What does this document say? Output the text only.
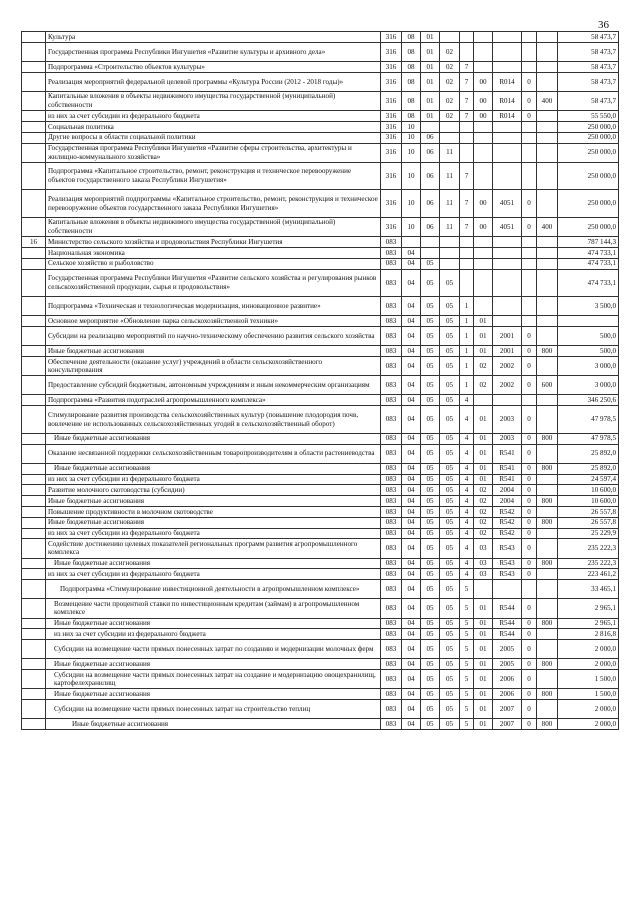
36
	Культура	316	08	01							58 473,7
	Государственная программа Республики Ингушетия «Развитие культуры и архивного дела»	316	08	01	02						58 473,7
	Подпрограмма «Строительство объектов культуры»	316	08	01	02	7					58 473,7
	Реализация мероприятий федеральной целевой программы «Культура России (2012 - 2018 годы)»	316	08	01	02	7	00	R014	0		58 473,7
	Капитальные вложения в объекты недвижимого имущества государственной (муниципальной) собственности	316	08	01	02	7	00	R014	0	400	58 473,7
	из них за счет субсидии из федерального бюджета	316	08	01	02	7	00	R014	0		55 550,0
	Социальная политика	316	10								250 000,0
	Другие вопросы в области социальной политики	316	10	06							250 000,0
	Государственная программа Республики Ингушетия «Развитие сферы строительства, архитектуры и жилищно-коммунального хозяйства»	316	10	06	11						250 000,0
	Подпрограмма «Капитальное строительство, ремонт, реконструкция и техническое перевооружение объектов государственного заказа Республики Ингушетия»	316	10	06	11	7					250 000,0
	Реализация мероприятий подпрограммы «Капитальное строительство, ремонт, реконструкция и техническое перевооружение объектов государственного заказа Республики Ингушетия»	316	10	06	11	7	00	4051	0		250 000,0
	Капитальные вложения в объекты недвижимого имущества государственной (муниципальной) собственности	316	10	06	11	7	00	4051	0	400	250 000,0
16	Министерство сельского хозяйства и продовольствия Республики Ингушетия	083									787 144,3
	Национальная экономика	083	04								474 733,1
	Сельское хозяйство и рыболовство	083	04	05							474 733,1
	Государственная программа Республики Ингушетия «Развитие сельского хозяйства и регулирования рынков сельскохозяйственной продукции, сырья и продовольствия»	083	04	05	05						474 733,1
	Подпрограмма «Техническая и технологическая модернизация, инновационное развитие»	083	04	05	05	1					3 500,0
	Основное мероприятие «Обновление парка сельскохозяйственной техники»	083	04	05	05	1	01				
	Субсидии на реализацию мероприятий по научно-техническому обеспечению развития сельского хозяйства	083	04	05	05	1	01	2001	0		500,0
	Иные бюджетные ассигнования	083	04	05	05	1	01	2001	0	800	500,0
	Обеспечение деятельности (оказание услуг) учреждений в области сельскохозяйственного консультирования	083	04	05	05	1	02	2002	0		3 000,0
	Предоставление субсидий бюджетным, автономным учреждениям и иным некоммерческим организациям	083	04	05	05	1	02	2002	0	600	3 000,0
	Подпрограмма «Развития подотраслей агропромышленного комплекса»	083	04	05	05	4					346 250,6
	Стимулирование развития производства сельскохозяйственных культур (повышение плодородия почв, вовлечение не использованных сельскохозяйственных угодий в сельскохозяйственный оборот)	083	04	05	05	4	01	2003	0		47 978,5
	Иные бюджетные ассигнования	083	04	05	05	4	01	2003	0	800	47 978,5
	Оказание несвязанной поддержки сельскохозяйственным товаропроизводителям в области растениеводства	083	04	05	05	4	01	R541	0		25 892,0
	Иные бюджетные ассигнования	083	04	05	05	4	01	R541	0	800	25 892,0
	из них за счет субсидии из федерального бюджета	083	04	05	05	4	01	R541	0		24 597,4
	Развитие молочного скотоводства (субсидии)	083	04	05	05	4	02	2004	0		10 600,0
	Иные бюджетные ассигнования	083	04	05	05	4	02	2004	0	800	10 600,0
	Повышение продуктивности в молочном скотоводстве	083	04	05	05	4	02	R542	0		26 557,8
	Иные бюджетные ассигнования	083	04	05	05	4	02	R542	0	800	26 557,8
	из них за счет субсидии из федерального бюджета	083	04	05	05	4	02	R542	0		25 229,9
	Содействие достижению целевых показателей региональных программ развития агропромышленного комплекса	083	04	05	05	4	03	R543	0		235 222,3
	Иные бюджетные ассигнования	083	04	05	05	4	03	R543	0	800	235 222,3
	из них за счет субсидии из федерального бюджета	083	04	05	05	4	03	R543	0		223 461,2
	Подпрограмма «Стимулирование инвестиционной деятельности в агропромышленном комплексе»	083	04	05	05	5					33 465,1
	Возмещение части процентной ставки по инвестиционным кредитам (займам) в агропромышленном комплексе	083	04	05	05	5	01	R544	0		2 965,1
	Иные бюджетные ассигнования	083	04	05	05	5	01	R544	0	800	2 965,1
	из них за счет субсидии из федерального бюджета	083	04	05	05	5	01	R544	0		2 816,8
	Субсидии на возмещение части прямых понесенных затрат по созданию и модернизации молочных ферм	083	04	05	05	5	01	2005	0		2 000,0
	Иные бюджетные ассигнования	083	04	05	05	5	01	2005	0	800	2 000,0
	Субсидии на возмещение части прямых понесенных затрат на создание и модернизацию овощехранилищ, картофелехранилищ	083	04	05	05	5	01	2006	0		1 500,0
	Иные бюджетные ассигнования	083	04	05	05	5	01	2006	0	800	1 500,0
	Субсидии на возмещение части прямых понесенных затрат на строительство теплиц	083	04	05	05	5	01	2007	0		2 000,0
	Иные бюджетные ассигнования	083	04	05	05	5	01	2007	0	800	2 000,0
